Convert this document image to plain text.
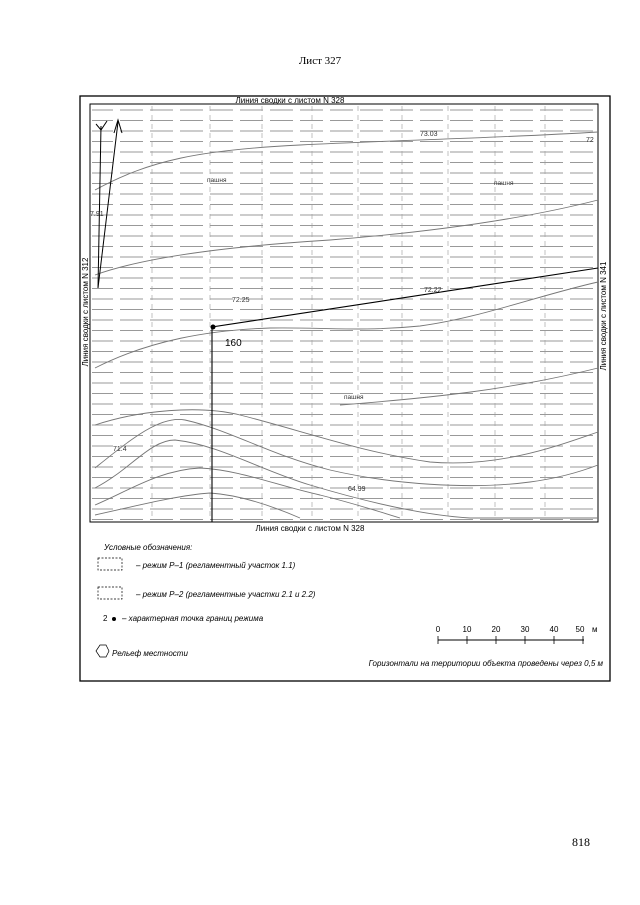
Лист 327
Линия сводки с листом N 328
Линия сводки с листом N 328
Линия сводки с листом N 312	Линия сводки с листом N 341
73.03
72
7.91
72.25
72.22
71.4
64.99
пашня	пашня
пашня
160
Условные обозначения:
– режим Р–1 (регламентный участок 1.1)
– режим Р–2 (регламентные участки 2.1 и 2.2)
2 – характерная точка границ режима
Рельеф местности
Горизонтали на территории объекта проведены через 0,5 м
0	10	20	30	40 50 м
818
